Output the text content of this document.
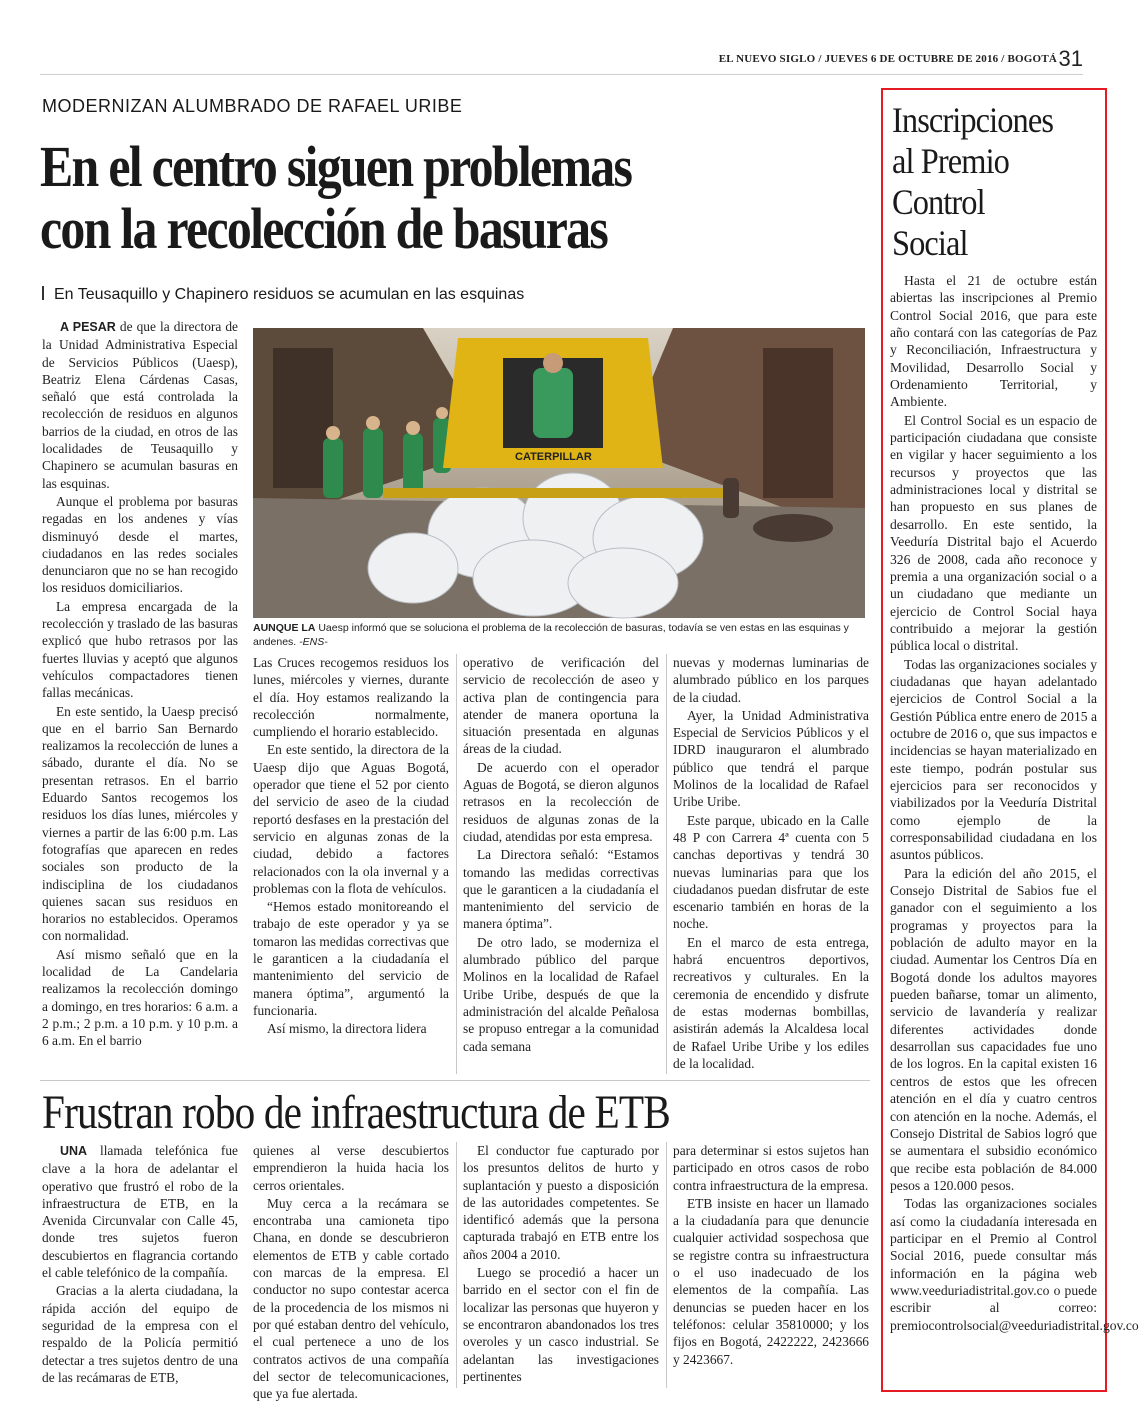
EL NUEVO SIGLO / JUEVES 6 DE OCTUBRE DE 2016 / BOGOTÁ 31
MODERNIZAN ALUMBRADO DE RAFAEL URIBE
En el centro siguen problemas
con la recolección de basuras
En Teusaquillo y Chapinero residuos se acumulan en las esquinas

A PESAR de que la directora de la Unidad Administrativa Especial de Servicios Públicos (Uaesp), Beatriz Elena Cárdenas Casas, señaló que está controlada la recolección de residuos en algunos barrios de la ciudad, en otros de las localidades de Teusaquillo y Chapinero se acumulan basuras en las esquinas.

Aunque el problema por basuras regadas en los andenes y vías disminuyó desde el martes, ciudadanos en las redes sociales denunciaron que no se han recogido los residuos domiciliarios.

La empresa encargada de la recolección y traslado de las basuras explicó que hubo retrasos por las fuertes lluvias y aceptó que algunos vehículos compactadores tienen fallas mecánicas.

En este sentido, la Uaesp precisó que en el barrio San Bernardo realizamos la recolección de lunes a sábado, durante el día. No se presentan retrasos. En el barrio Eduardo Santos recogemos los residuos los días lunes, miércoles y viernes a partir de las 6:00 p.m. Las fotografías que aparecen en redes sociales son producto de la indisciplina de los ciudadanos quienes sacan sus residuos en horarios no establecidos. Operamos con normalidad.

Así mismo señaló que en la localidad de La Candelaria realizamos la recolección domingo a domingo, en tres horarios: 6 a.m. a 2 p.m.; 2 p.m. a 10 p.m. y 10 p.m. a 6 a.m. En el barrio

CATERPILLAR
AUNQUE LA Uaesp informó que se soluciona el problema de la recolección de basuras, todavía se ven estas en las esquinas y andenes. -ENS-

Las Cruces recogemos residuos los lunes, miércoles y viernes, durante el día. Hoy estamos realizando la recolección normalmente, cumpliendo el horario establecido.

En este sentido, la directora de la Uaesp dijo que Aguas Bogotá, operador que tiene el 52 por ciento del servicio de aseo de la ciudad reportó desfases en la prestación del servicio en algunas zonas de la ciudad, debido a factores relacionados con la ola invernal y a problemas con la flota de vehículos.

“Hemos estado monitoreando el trabajo de este operador y ya se tomaron las medidas correctivas que le garanticen a la ciudadanía el mantenimiento del servicio de manera óptima”, argumentó la funcionaria.

Así mismo, la directora lidera

operativo de verificación del servicio de recolección de aseo y activa plan de contingencia para atender de manera oportuna la situación presentada en algunas áreas de la ciudad.

De acuerdo con el operador Aguas de Bogotá, se dieron algunos retrasos en la recolección de residuos de algunas zonas de la ciudad, atendidas por esta empresa.

La Directora señaló: “Estamos tomando las medidas correctivas que le garanticen a la ciudadanía el mantenimiento del servicio de manera óptima”.

De otro lado, se moderniza el alumbrado público del parque Molinos en la localidad de Rafael Uribe Uribe, después de que la administración del alcalde Peñalosa se propuso entregar a la comunidad cada semana

nuevas y modernas luminarias de alumbrado público en los parques de la ciudad.

Ayer, la Unidad Administrativa Especial de Servicios Públicos y el IDRD inauguraron el alumbrado público que tendrá el parque Molinos de la localidad de Rafael Uribe Uribe.

Este parque, ubicado en la Calle 48 P con Carrera 4ª cuenta con 5 canchas deportivas y tendrá 30 nuevas luminarias para que los ciudadanos puedan disfrutar de este escenario también en horas de la noche.

En el marco de esta entrega, habrá encuentros deportivos, recreativos y culturales. En la ceremonia de encendido y disfrute de estas modernas bombillas, asistirán además la Alcaldesa local de Rafael Uribe Uribe y los ediles de la localidad.

Frustran robo de infraestructura de ETB

UNA llamada telefónica fue clave a la hora de adelantar el operativo que frustró el robo de la infraestructura de ETB, en la Avenida Circunvalar con Calle 45, donde tres sujetos fueron descubiertos en flagrancia cortando el cable telefónico de la compañía.

Gracias a la alerta ciudadana, la rápida acción del equipo de seguridad de la empresa con el respaldo de la Policía permitió detectar a tres sujetos dentro de una de las recámaras de ETB,

quienes al verse descubiertos emprendieron la huida hacia los cerros orientales.

Muy cerca a la recámara se encontraba una camioneta tipo Chana, en donde se descubrieron elementos de ETB y cable cortado con marcas de la empresa. El conductor no supo contestar acerca de la procedencia de los mismos ni por qué estaban dentro del vehículo, el cual pertenece a uno de los contratos activos de una compañía del sector de telecomunicaciones, que ya fue alertada.

El conductor fue capturado por los presuntos delitos de hurto y suplantación y puesto a disposición de las autoridades competentes. Se identificó además que la persona capturada trabajó en ETB entre los años 2004 a 2010.

Luego se procedió a hacer un barrido en el sector con el fin de localizar las personas que huyeron y se encontraron abandonados los tres overoles y un casco industrial. Se adelantan las investigaciones pertinentes

para determinar si estos sujetos han participado en otros casos de robo contra infraestructura de la empresa.

ETB insiste en hacer un llamado a la ciudadanía para que denuncie cualquier actividad sospechosa que se registre contra su infraestructura o el uso inadecuado de los elementos de la compañía. Las denuncias se pueden hacer en los teléfonos: celular 35810000; y los fijos en Bogotá, 2422222, 2423666 y 2423667.

Inscripciones
al Premio
Control
Social

Hasta el 21 de octubre están abiertas las inscripciones al Premio Control Social 2016, que para este año contará con las categorías de Paz y Reconciliación, Infraestructura y Movilidad, Desarrollo Social y Ordenamiento Territorial, y Ambiente.

El Control Social es un espacio de participación ciudadana que consiste en vigilar y hacer seguimiento a los recursos y proyectos que las administraciones local y distrital se han propuesto en sus planes de desarrollo. En este sentido, la Veeduría Distrital bajo el Acuerdo 326 de 2008, cada año reconoce y premia a una organización social o a un ciudadano que mediante un ejercicio de Control Social haya contribuido a mejorar la gestión pública local o distrital.

Todas las organizaciones sociales y ciudadanas que hayan adelantado ejercicios de Control Social a la Gestión Pública entre enero de 2015 a octubre de 2016 o, que sus impactos e incidencias se hayan materializado en este tiempo, podrán postular sus ejercicios para ser reconocidos y viabilizados por la Veeduría Distrital como ejemplo de la corresponsabilidad ciudadana en los asuntos públicos.

Para la edición del año 2015, el Consejo Distrital de Sabios fue el ganador con el seguimiento a los programas y proyectos para la población de adulto mayor en la ciudad. Aumentar los Centros Día en Bogotá donde los adultos mayores pueden bañarse, tomar un alimento, servicio de lavandería y realizar diferentes actividades donde desarrollan sus capacidades fue uno de los logros. En la capital existen 16 centros de estos que les ofrecen atención en el día y cuatro centros con atención en la noche. Además, el Consejo Distrital de Sabios logró que se aumentara el subsidio económico que recibe esta población de 84.000 pesos a 120.000 pesos.

Todas las organizaciones sociales así como la ciudadanía interesada en participar en el Premio al Control Social 2016, puede consultar más información en la página web www.veeduriadistrital.gov.co o puede escribir al correo: premiocontrolsocial@veeduriadistrital.gov.co
